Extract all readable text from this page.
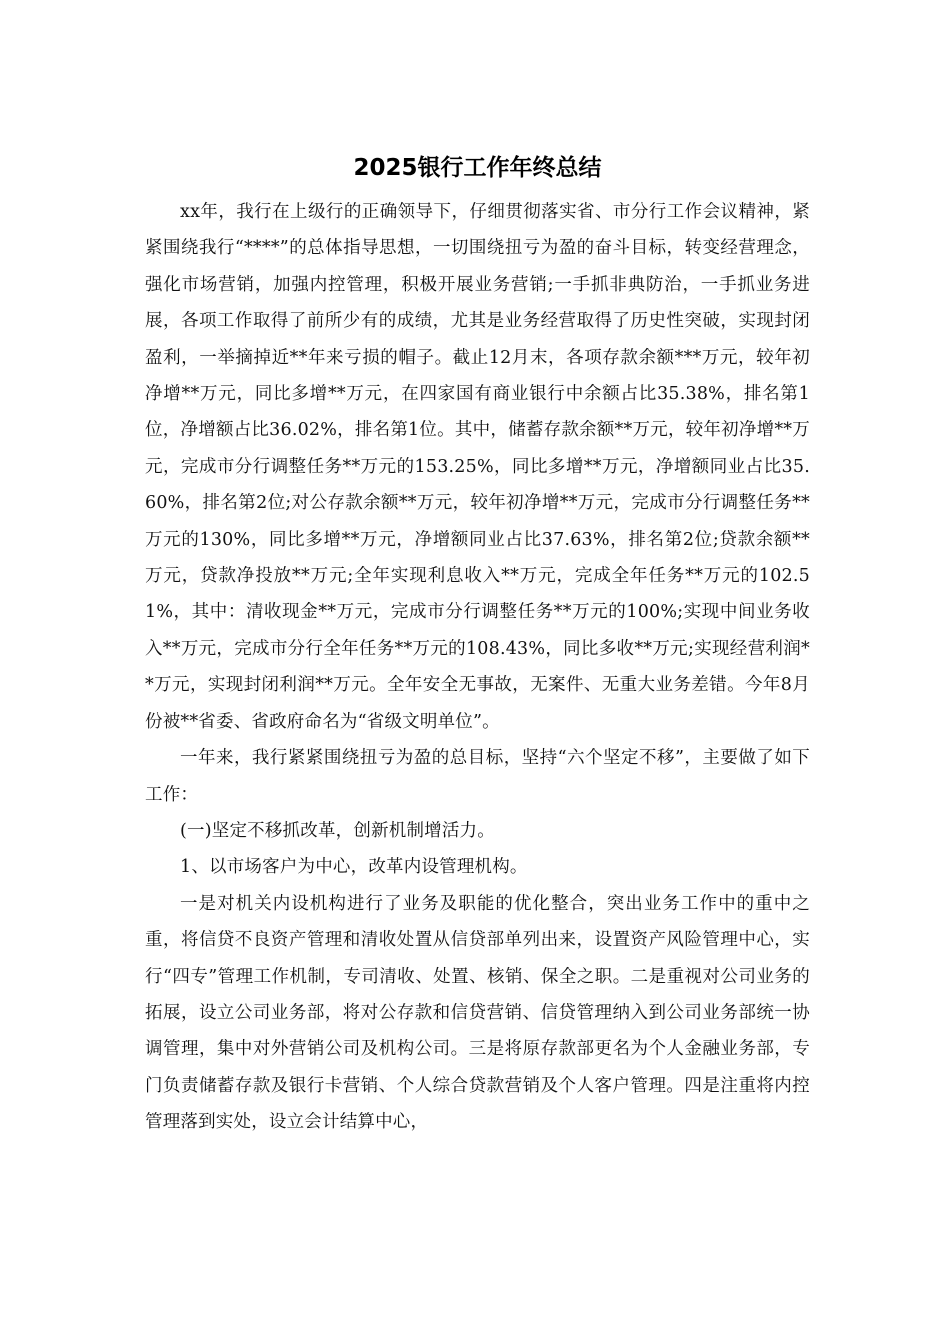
2025银行工作年终总结

xx年，我行在上级行的正确领导下，仔细贯彻落实省、市分行工作会议精神，紧紧围绕我行“****”的总体指导思想，一切围绕扭亏为盈的奋斗目标，转变经营理念，强化市场营销，加强内控管理，积极开展业务营销;一手抓非典防治，一手抓业务进展，各项工作取得了前所少有的成绩，尤其是业务经营取得了历史性突破，实现封闭盈利，一举摘掉近**年来亏损的帽子。截止12月末，各项存款余额***万元，较年初净增**万元，同比多增**万元，在四家国有商业银行中余额占比35.38%，排名第1位，净增额占比36.02%，排名第1位。其中，储蓄存款余额**万元，较年初净增**万元，完成市分行调整任务**万元的153.25%，同比多增**万元，净增额同业占比35.60%，排名第2位;对公存款余额**万元，较年初净增**万元，完成市分行调整任务**万元的130%，同比多增**万元，净增额同业占比37.63%，排名第2位;贷款余额**万元，贷款净投放**万元;全年实现利息收入**万元，完成全年任务**万元的102.51%，其中：清收现金**万元，完成市分行调整任务**万元的100%;实现中间业务收入**万元，完成市分行全年任务**万元的108.43%，同比多收**万元;实现经营利润**万元，实现封闭利润**万元。全年安全无事故，无案件、无重大业务差错。今年8月份被**省委、省政府命名为“省级文明单位”。

一年来，我行紧紧围绕扭亏为盈的总目标，坚持“六个坚定不移”，主要做了如下工作：

(一)坚定不移抓改革，创新机制增活力。

1、以市场客户为中心，改革内设管理机构。

一是对机关内设机构进行了业务及职能的优化整合，突出业务工作中的重中之重，将信贷不良资产管理和清收处置从信贷部单列出来，设置资产风险管理中心，实行“四专”管理工作机制，专司清收、处置、核销、保全之职。二是重视对公司业务的拓展，设立公司业务部，将对公存款和信贷营销、信贷管理纳入到公司业务部统一协调管理，集中对外营销公司及机构公司。三是将原存款部更名为个人金融业务部，专门负责储蓄存款及银行卡营销、个人综合贷款营销及个人客户管理。四是注重将内控管理落到实处，设立会计结算中心，
